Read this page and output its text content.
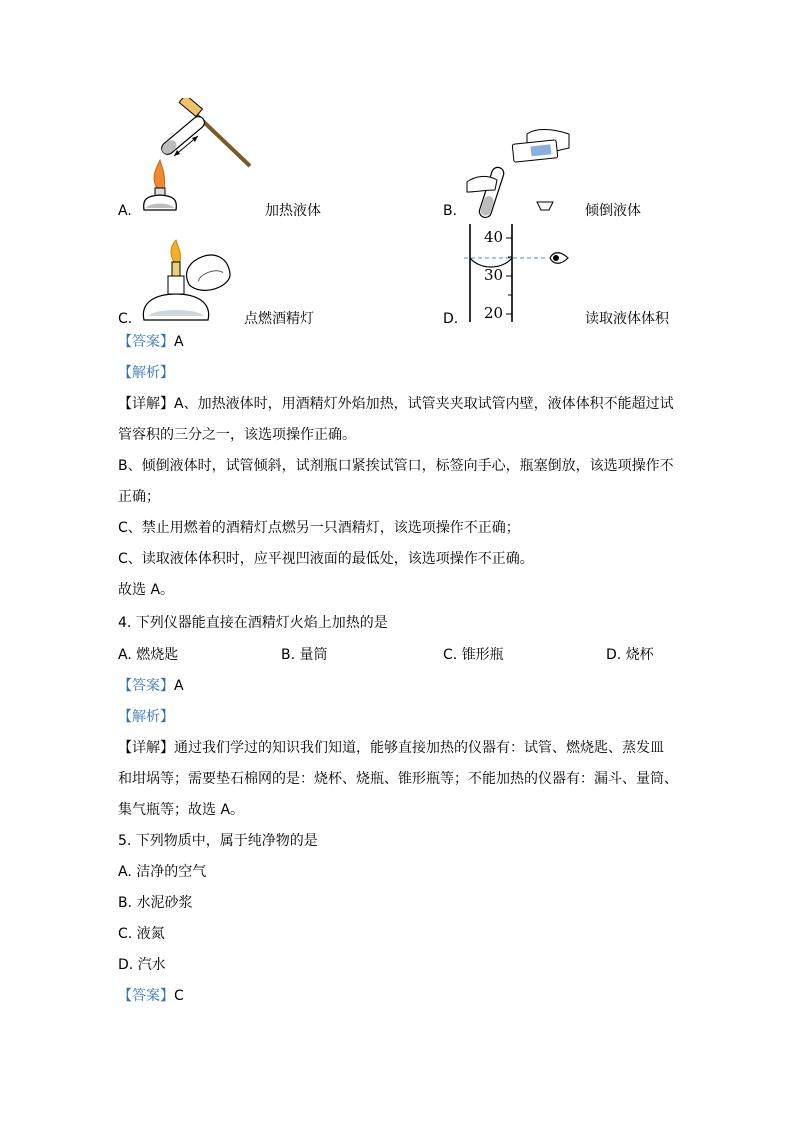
A.	加热液体	B.	倾倒液体
C.	点燃酒精灯
40
30
20
D.	读取液体体积
【答案】A
【解析】
【详解】A、加热液体时，用酒精灯外焰加热，试管夹夹取试管内壁，液体体积不能超过试
管容积的三分之一，该选项操作正确。
B、倾倒液体时，试管倾斜，试剂瓶口紧挨试管口，标签向手心，瓶塞倒放，该选项操作不
正确；
C、禁止用燃着的酒精灯点燃另一只酒精灯，该选项操作不正确；
C、读取液体体积时，应平视凹液面的最低处，该选项操作不正确。
故选 A。
4. 下列仪器能直接在酒精灯火焰上加热的是
A. 燃烧匙	B. 量筒	C. 锥形瓶	D. 烧杯
【答案】A
【解析】
【详解】通过我们学过的知识我们知道，能够直接加热的仪器有：试管、燃烧匙、蒸发皿
和坩埚等；需要垫石棉网的是：烧杯、烧瓶、锥形瓶等；不能加热的仪器有：漏斗、量筒、
集气瓶等；故选 A。
5. 下列物质中，属于纯净物的是
A. 洁净的空气
B. 水泥砂浆
C. 液氮
D. 汽水
【答案】C
